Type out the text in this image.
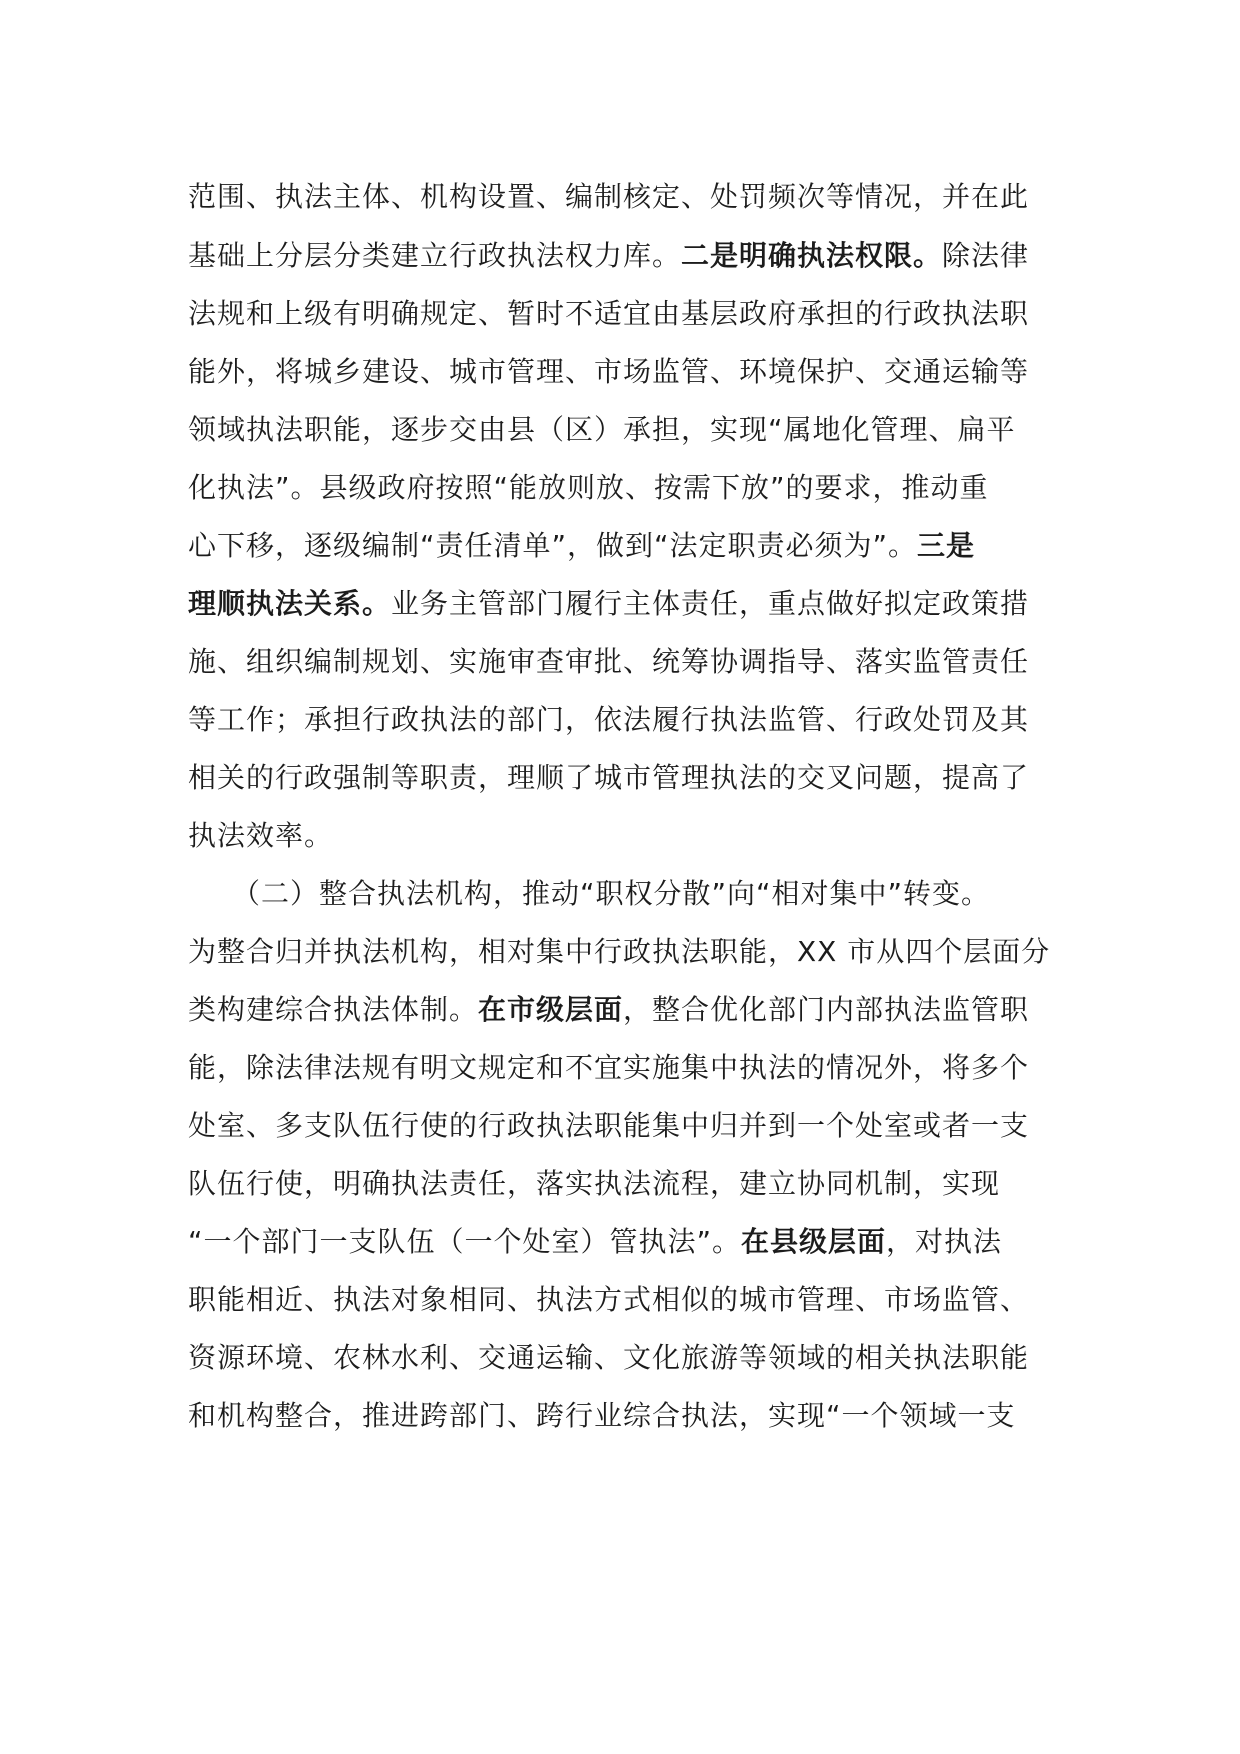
范围、执法主体、机构设置、编制核定、处罚频次等情况，并在此
基础上分层分类建立行政执法权力库。二是明确执法权限。除法律
法规和上级有明确规定、暂时不适宜由基层政府承担的行政执法职
能外，将城乡建设、城市管理、市场监管、环境保护、交通运输等
领域执法职能，逐步交由县（区）承担，实现“属地化管理、扁平
化执法”。县级政府按照“能放则放、按需下放”的要求，推动重
心下移，逐级编制“责任清单”，做到“法定职责必须为”。三是
理顺执法关系。业务主管部门履行主体责任，重点做好拟定政策措
施、组织编制规划、实施审查审批、统筹协调指导、落实监管责任
等工作；承担行政执法的部门，依法履行执法监管、行政处罚及其
相关的行政强制等职责，理顺了城市管理执法的交叉问题，提高了
执法效率。
　　（二）整合执法机构，推动“职权分散”向“相对集中”转变。
为整合归并执法机构，相对集中行政执法职能，XX 市从四个层面分
类构建综合执法体制。在市级层面，整合优化部门内部执法监管职
能，除法律法规有明文规定和不宜实施集中执法的情况外，将多个
处室、多支队伍行使的行政执法职能集中归并到一个处室或者一支
队伍行使，明确执法责任，落实执法流程，建立协同机制，实现
“一个部门一支队伍（一个处室）管执法”。在县级层面，对执法
职能相近、执法对象相同、执法方式相似的城市管理、市场监管、
资源环境、农林水利、交通运输、文化旅游等领域的相关执法职能
和机构整合，推进跨部门、跨行业综合执法，实现“一个领域一支
